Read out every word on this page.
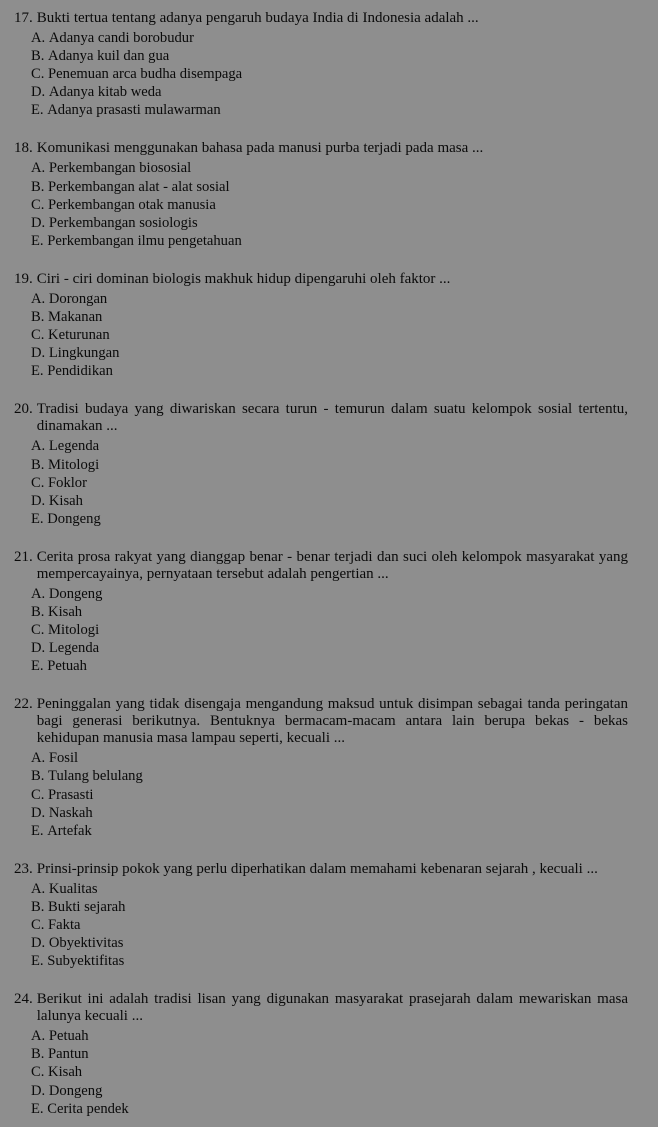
17. Bukti tertua tentang adanya pengaruh budaya India di Indonesia adalah ...
A.
Adanya candi borobudur
B.
Adanya kuil dan gua
C.
Penemuan arca budha disempaga
D.
Adanya kitab weda
E.
Adanya prasasti mulawarman
18. Komunikasi menggunakan bahasa pada manusi purba terjadi pada masa ...
A.
Perkembangan biososial
B.
Perkembangan alat - alat sosial
C.
Perkembangan otak manusia
D.
Perkembangan sosiologis
E.
Perkembangan ilmu pengetahuan
19. Ciri - ciri dominan biologis makhuk hidup dipengaruhi oleh faktor ...
A.
Dorongan
B.
Makanan
C.
Keturunan
D.
Lingkungan
E.
Pendidikan
20. Tradisi budaya yang diwariskan secara turun - temurun dalam suatu kelompok sosial tertentu, dinamakan ...
A.
Legenda
B.
Mitologi
C.
Foklor
D.
Kisah
E.
Dongeng
21. Cerita prosa rakyat yang dianggap benar - benar terjadi dan suci oleh kelompok masyarakat yang mempercayainya, pernyataan tersebut adalah pengertian ...
A.
Dongeng
B.
Kisah
C.
Mitologi
D.
Legenda
E.
Petuah
22. Peninggalan yang tidak disengaja mengandung maksud untuk disimpan sebagai tanda peringatan bagi generasi berikutnya. Bentuknya bermacam-macam antara lain berupa bekas - bekas kehidupan manusia masa lampau seperti, kecuali ...
A.
Fosil
B.
Tulang belulang
C.
Prasasti
D.
Naskah
E.
Artefak
23. Prinsi-prinsip pokok yang perlu diperhatikan dalam memahami kebenaran sejarah , kecuali ...
A.
Kualitas
B.
Bukti sejarah
C.
Fakta
D.
Obyektivitas
E.
Subyektifitas
24. Berikut ini adalah tradisi lisan yang digunakan masyarakat prasejarah dalam mewariskan masa lalunya kecuali ...
A.
Petuah
B.
Pantun
C.
Kisah
D.
Dongeng
E.
Cerita pendek
